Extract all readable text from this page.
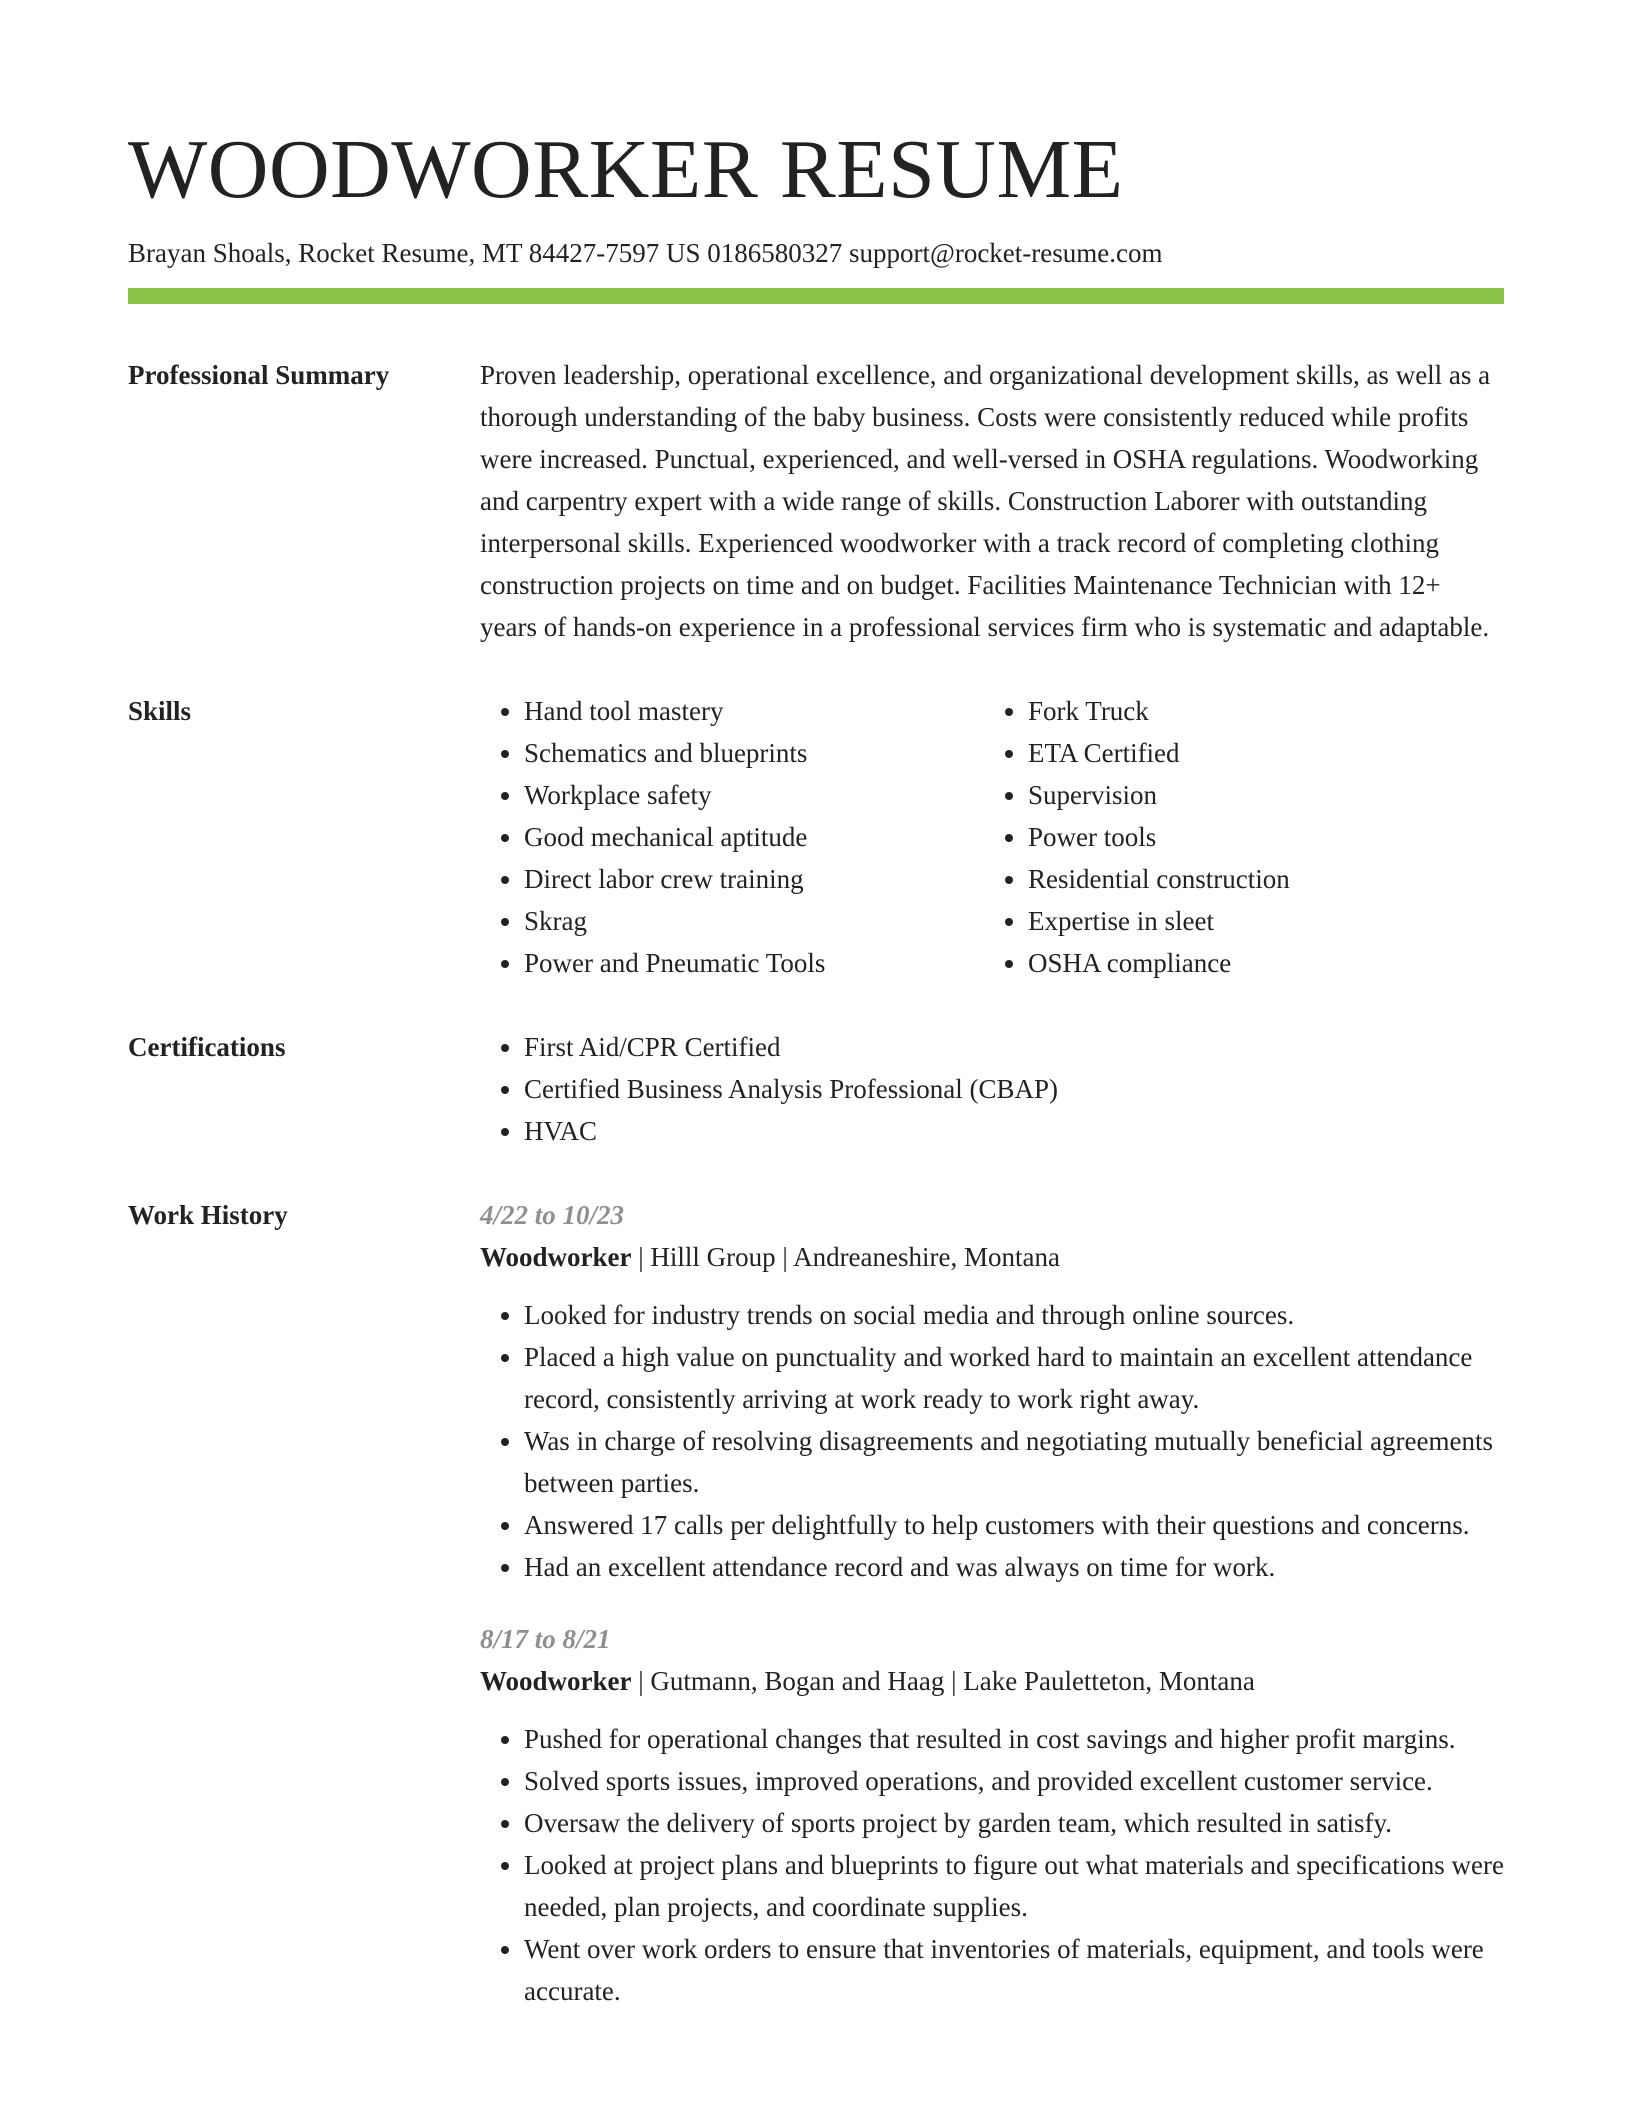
WOODWORKER RESUME
Brayan Shoals, Rocket Resume, MT 84427-7597 US 0186580327 support@rocket-resume.com
Professional Summary	Proven leadership, operational excellence, and organizational development skills, as well as a thorough understanding of the baby business. Costs were consistently reduced while profits were increased. Punctual, experienced, and well-versed in OSHA regulations. Woodworking and carpentry expert with a wide range of skills. Construction Laborer with outstanding interpersonal skills. Experienced woodworker with a track record of completing clothing construction projects on time and on budget. Facilities Maintenance Technician with 12+ years of hands-on experience in a professional services firm who is systematic and adaptable.

Skills	• Hand tool mastery
• Schematics and blueprints
• Workplace safety
• Good mechanical aptitude
• Direct labor crew training
• Skrag
• Power and Pneumatic Tools
• Fork Truck
• ETA Certified
• Supervision
• Power tools
• Residential construction
• Expertise in sleet
• OSHA compliance
Certifications	• First Aid/CPR Certified
• Certified Business Analysis Professional (CBAP)
• HVAC
Work History	4/22 to 10/23
Woodworker | Hilll Group | Andreaneshire, Montana
• Looked for industry trends on social media and through online sources.
• Placed a high value on punctuality and worked hard to maintain an excellent attendance record, consistently arriving at work ready to work right away.
• Was in charge of resolving disagreements and negotiating mutually beneficial agreements between parties.
• Answered 17 calls per delightfully to help customers with their questions and concerns.
• Had an excellent attendance record and was always on time for work.
8/17 to 8/21
Woodworker | Gutmann, Bogan and Haag | Lake Pauletteton, Montana
• Pushed for operational changes that resulted in cost savings and higher profit margins.
• Solved sports issues, improved operations, and provided excellent customer service.
• Oversaw the delivery of sports project by garden team, which resulted in satisfy.
• Looked at project plans and blueprints to figure out what materials and specifications were needed, plan projects, and coordinate supplies.
• Went over work orders to ensure that inventories of materials, equipment, and tools were accurate.
